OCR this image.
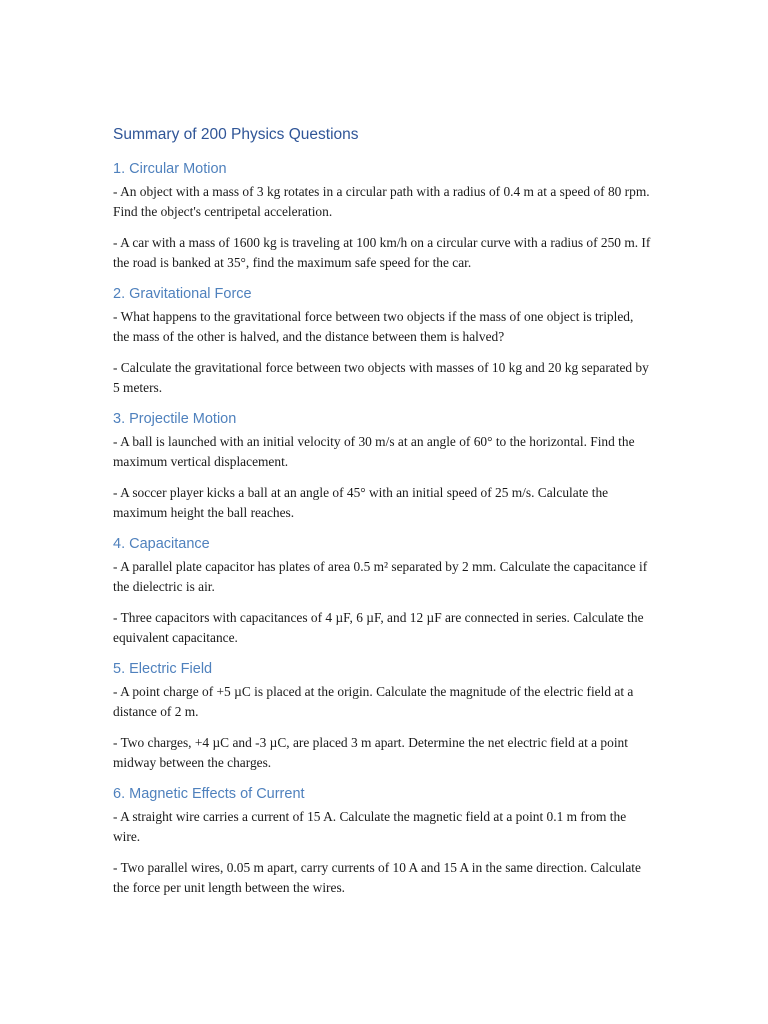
Summary of 200 Physics Questions
1. Circular Motion

- An object with a mass of 3 kg rotates in a circular path with a radius of 0.4 m at a speed of 80 rpm. Find the object's centripetal acceleration.

- A car with a mass of 1600 kg is traveling at 100 km/h on a circular curve with a radius of 250 m. If the road is banked at 35°, find the maximum safe speed for the car.

2. Gravitational Force

- What happens to the gravitational force between two objects if the mass of one object is tripled, the mass of the other is halved, and the distance between them is halved?

- Calculate the gravitational force between two objects with masses of 10 kg and 20 kg separated by 5 meters.

3. Projectile Motion

- A ball is launched with an initial velocity of 30 m/s at an angle of 60° to the horizontal. Find the maximum vertical displacement.

- A soccer player kicks a ball at an angle of 45° with an initial speed of 25 m/s. Calculate the maximum height the ball reaches.

4. Capacitance

- A parallel plate capacitor has plates of area 0.5 m² separated by 2 mm. Calculate the capacitance if the dielectric is air.

- Three capacitors with capacitances of 4 µF, 6 µF, and 12 µF are connected in series. Calculate the equivalent capacitance.

5. Electric Field

- A point charge of +5 µC is placed at the origin. Calculate the magnitude of the electric field at a distance of 2 m.

- Two charges, +4 µC and -3 µC, are placed 3 m apart. Determine the net electric field at a point midway between the charges.

6. Magnetic Effects of Current

- A straight wire carries a current of 15 A. Calculate the magnetic field at a point 0.1 m from the wire.

- Two parallel wires, 0.05 m apart, carry currents of 10 A and 15 A in the same direction. Calculate the force per unit length between the wires.
